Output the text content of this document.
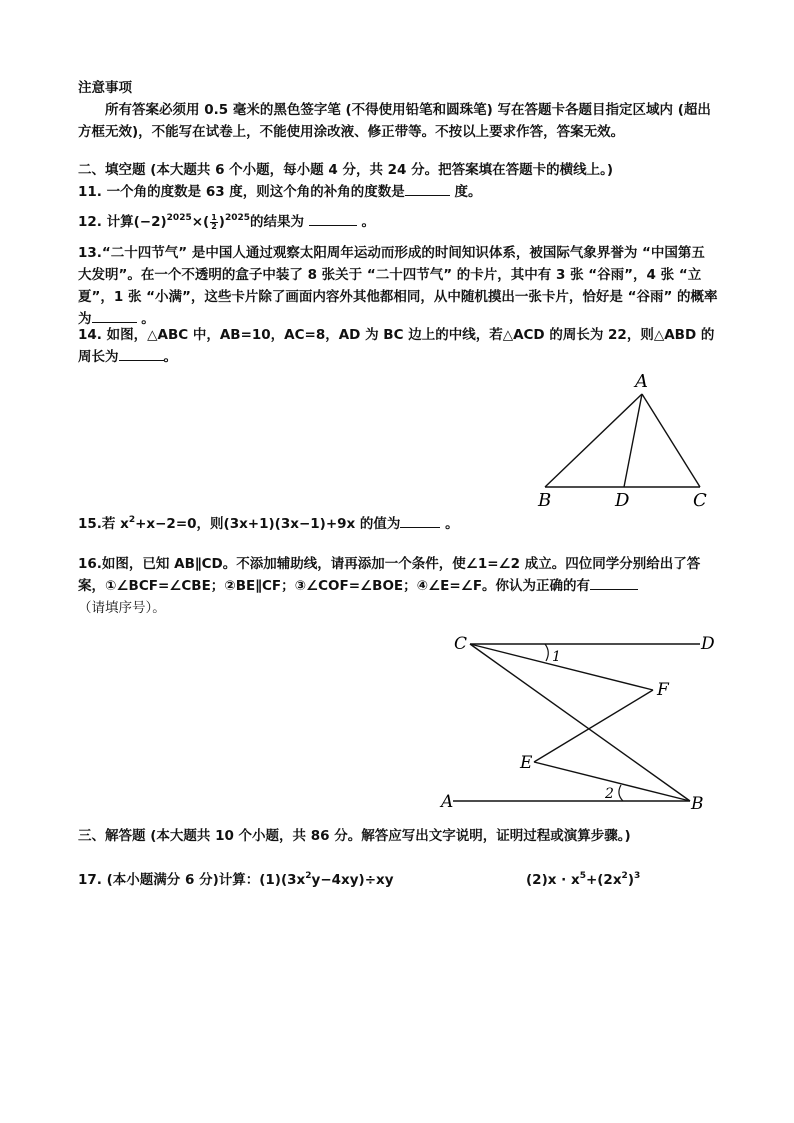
注意事项

所有答案必须用 0.5 毫米的黑色签字笔 (不得使用铅笔和圆珠笔) 写在答题卡各题目指定区域内 (超出方框无效)，不能写在试卷上，不能使用涂改液、修正带等。不按以上要求作答，答案无效。

二、填空题 (本大题共 6 个小题，每小题 4 分，共 24 分。把答案填在答题卡的横线上。)

11. 一个角的度数是 63 度，则这个角的补角的度数是	度。
12. 计算$(-2)^{2025}\times( \frac{1}{2} )^{2025}$的结果为	。
13.“二十四节气” 是中国人通过观察太阳周年运动而形成的时间知识体系，被国际气象界誉为 “中国第五大发明”。在一个不透明的盒子中装了 8 张关于 “二十四节气” 的卡片，其中有 3 张 “谷雨”，4 张 “立夏”，1 张 “小满”，这些卡片除了画面内容外其他都相同，从中随机摸出一张卡片，恰好是 “谷雨” 的概率为	。
14. 如图，△ABC 中，AB=10，AC=8，AD 为 BC 边上的中线，若△ACD 的周长为 22，则△ABD 的周长为	。
A
B	D	C
15.若 $x^2+x-2=0$，则(3x+1)(3x−1)+9x 的值为	。
16.如图，已知 AB∥CD。不添加辅助线，请再添加一个条件，使∠1=∠2 成立。四位同学分别给出了答案，①∠BCF=∠CBE；②BE∥CF；③∠COF=∠BOE；④∠E=∠F。你认为正确的有
（请填序号）。
C	D
F
E
A	B
1
2

三、解答题 (本大题共 10 个小题，共 86 分。解答应写出文字说明，证明过程或演算步骤。)

17. (本小题满分 6 分)计算：$(1)(3x^2y-4xy)\div xy$	$(2)x \cdot x^5+(2x^2)^3$
